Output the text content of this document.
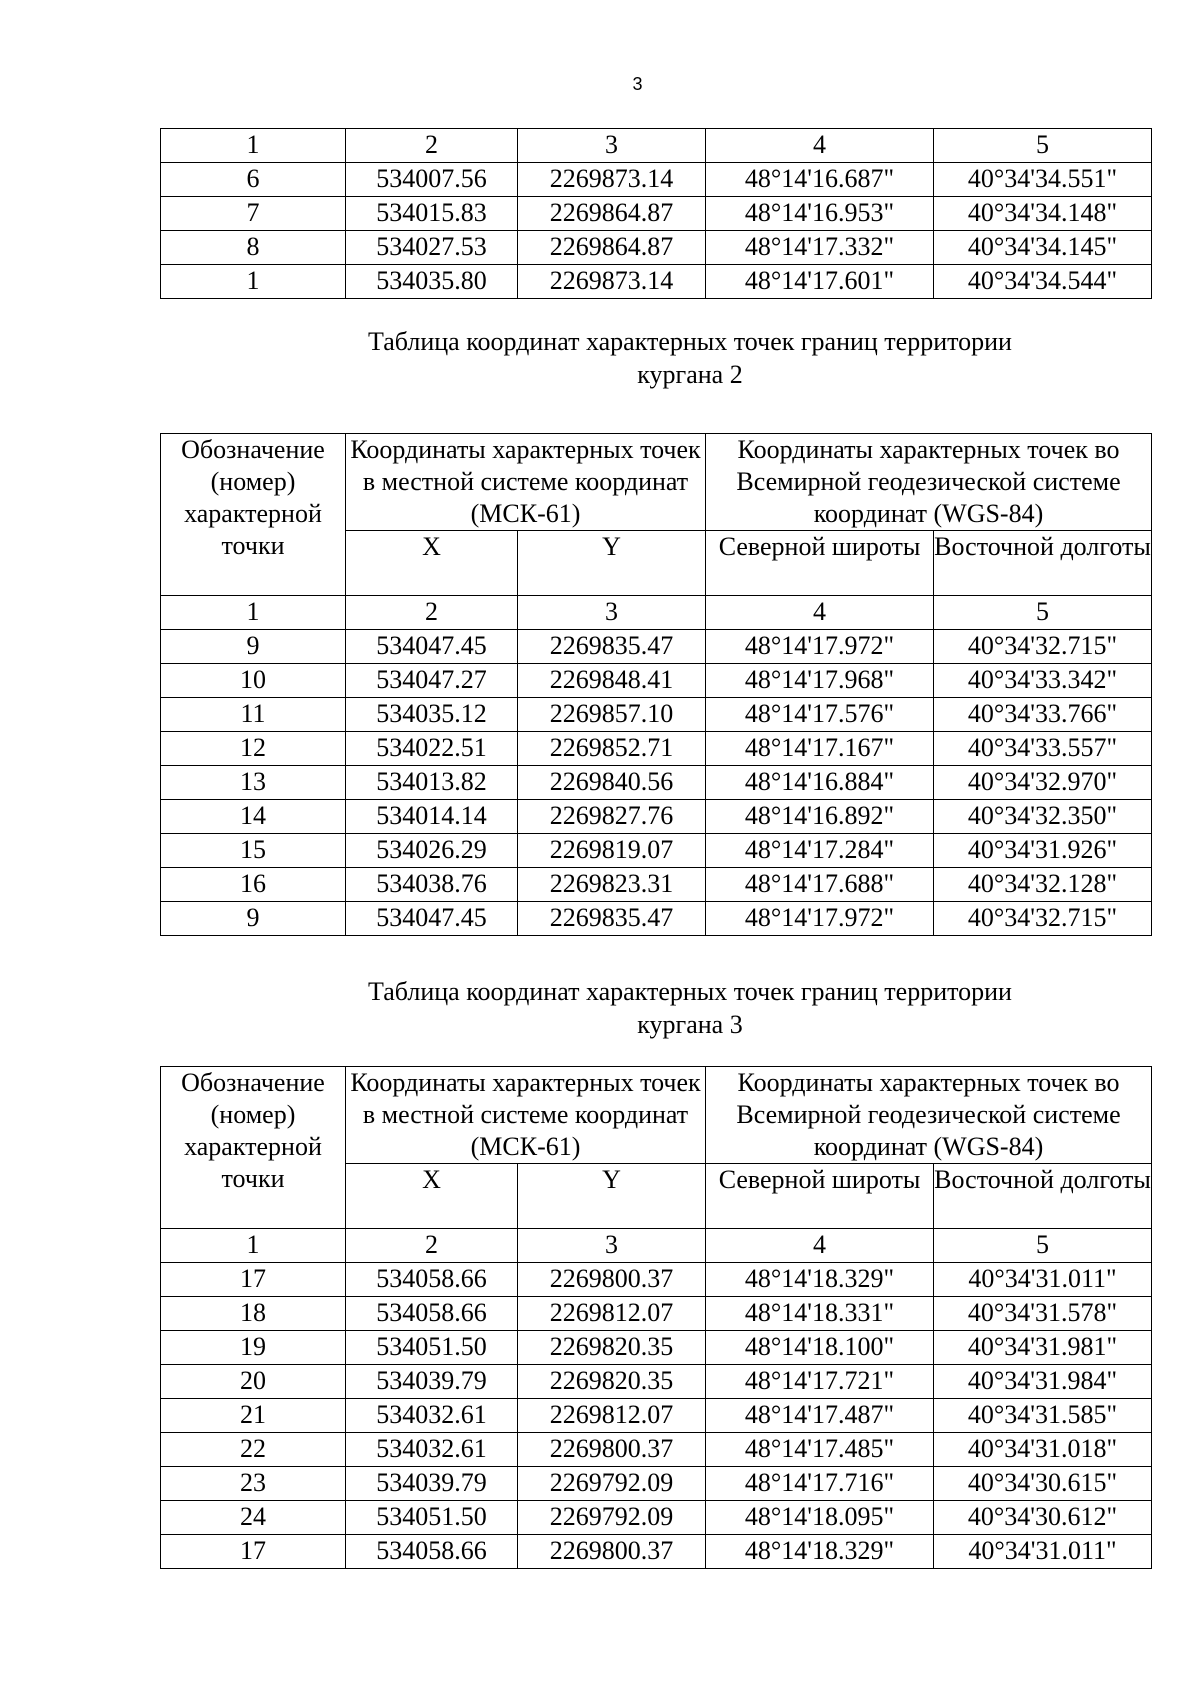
3
1	2	3	4	5
6	534007.56	2269873.14	48°14'16.687"	40°34'34.551"
7	534015.83	2269864.87	48°14'16.953"	40°34'34.148"
8	534027.53	2269864.87	48°14'17.332"	40°34'34.145"
1	534035.80	2269873.14	48°14'17.601"	40°34'34.544"
Таблица координат характерных точек границ территории
кургана 2
Обозначение (номер) характерной точки	Координаты характерных точек в местной системе координат (МСК-61)		Координаты характерных точек во Всемирной геодезической системе координат (WGS-84)	
	X	Y	Северной широты	Восточной долготы
1	2	3	4	5
9	534047.45	2269835.47	48°14'17.972"	40°34'32.715"
10	534047.27	2269848.41	48°14'17.968"	40°34'33.342"
11	534035.12	2269857.10	48°14'17.576"	40°34'33.766"
12	534022.51	2269852.71	48°14'17.167"	40°34'33.557"
13	534013.82	2269840.56	48°14'16.884"	40°34'32.970"
14	534014.14	2269827.76	48°14'16.892"	40°34'32.350"
15	534026.29	2269819.07	48°14'17.284"	40°34'31.926"
16	534038.76	2269823.31	48°14'17.688"	40°34'32.128"
9	534047.45	2269835.47	48°14'17.972"	40°34'32.715"
Таблица координат характерных точек границ территории
кургана 3
Обозначение (номер) характерной точки	Координаты характерных точек в местной системе координат (МСК-61)		Координаты характерных точек во Всемирной геодезической системе координат (WGS-84)	
	X	Y	Северной широты	Восточной долготы
1	2	3	4	5
17	534058.66	2269800.37	48°14'18.329"	40°34'31.011"
18	534058.66	2269812.07	48°14'18.331"	40°34'31.578"
19	534051.50	2269820.35	48°14'18.100"	40°34'31.981"
20	534039.79	2269820.35	48°14'17.721"	40°34'31.984"
21	534032.61	2269812.07	48°14'17.487"	40°34'31.585"
22	534032.61	2269800.37	48°14'17.485"	40°34'31.018"
23	534039.79	2269792.09	48°14'17.716"	40°34'30.615"
24	534051.50	2269792.09	48°14'18.095"	40°34'30.612"
17	534058.66	2269800.37	48°14'18.329"	40°34'31.011"
